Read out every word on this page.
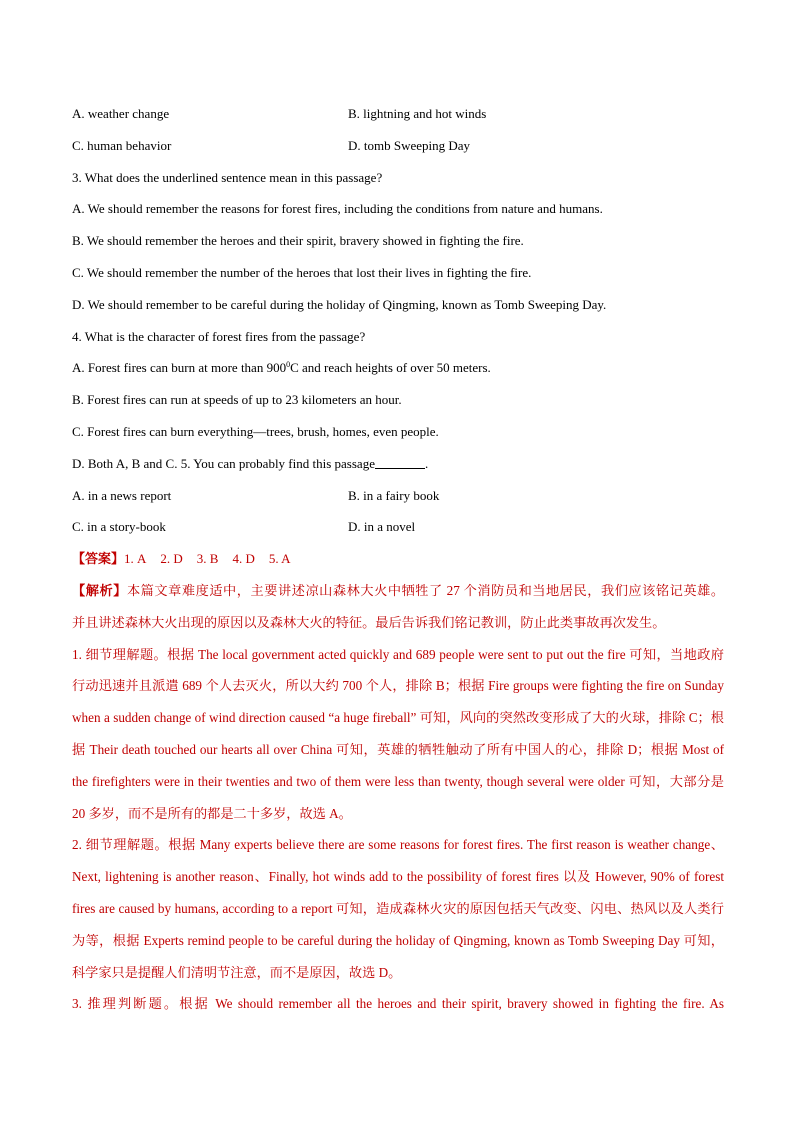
A. weather change	B. lightning and hot winds
C. human behavior	D. tomb Sweeping Day
3. What does the underlined sentence mean in this passage?
A. We should remember the reasons for forest fires, including the conditions from nature and humans.
B. We should remember the heroes and their spirit, bravery showed in fighting the fire.
C. We should remember the number of the heroes that lost their lives in fighting the fire.
D. We should remember to be careful during the holiday of Qingming, known as Tomb Sweeping Day.
4. What is the character of forest fires from the passage?
A. Forest fires can burn at more than $900^0C$ and reach heights of over 50 meters.
B. Forest fires can run at speeds of up to 23 kilometers an hour.
C. Forest fires can burn everything—trees, brush, homes, even people.
D. Both A, B and C. 5. You can probably find this passage	.
A. in a news report	B. in a fairy book
C. in a story-book	D. in a novel
【答案】1. A 2. D 3. B 4. D 5. A

【解析】本篇文章难度适中，主要讲述凉山森林大火中牺牲了 27 个消防员和当地居民，我们应该铭记英雄。

并且讲述森林大火出现的原因以及森林大火的特征。最后告诉我们铭记教训，防止此类事故再次发生。

1. 细节理解题。根据 The local government acted quickly and 689 people were sent to put out the fire 可知，当地政府行动迅速并且派遣 689 个人去灭火，所以大约 700 个人，排除 B；根据 Fire groups were fighting the fire on Sunday when a sudden change of wind direction caused “a huge fireball” 可知，风向的突然改变形成了大的火球，排除 C；根据 Their death touched our hearts all over China 可知，英雄的牺牲触动了所有中国人的心，排除 D；根据 Most of the firefighters were in their twenties and two of them were less than twenty, though several were older 可知，大部分是 20 多岁，而不是所有的都是二十多岁，故选 A。

2. 细节理解题。根据 Many experts believe there are some reasons for forest fires. The first reason is weather change、Next, lightening is another reason、Finally, hot winds add to the possibility of forest fires 以及 However, 90% of forest fires are caused by humans, according to a report 可知，造成森林火灾的原因包括天气改变、闪电、热风以及人类行为等，根据 Experts remind people to be careful during the holiday of Qingming, known as Tomb Sweeping Day 可知，科学家只是提醒人们清明节注意，而不是原因，故选 D。

3. 推理判断题。根据 We should remember all the heroes and their spirit, bravery showed in fighting the fire. As
